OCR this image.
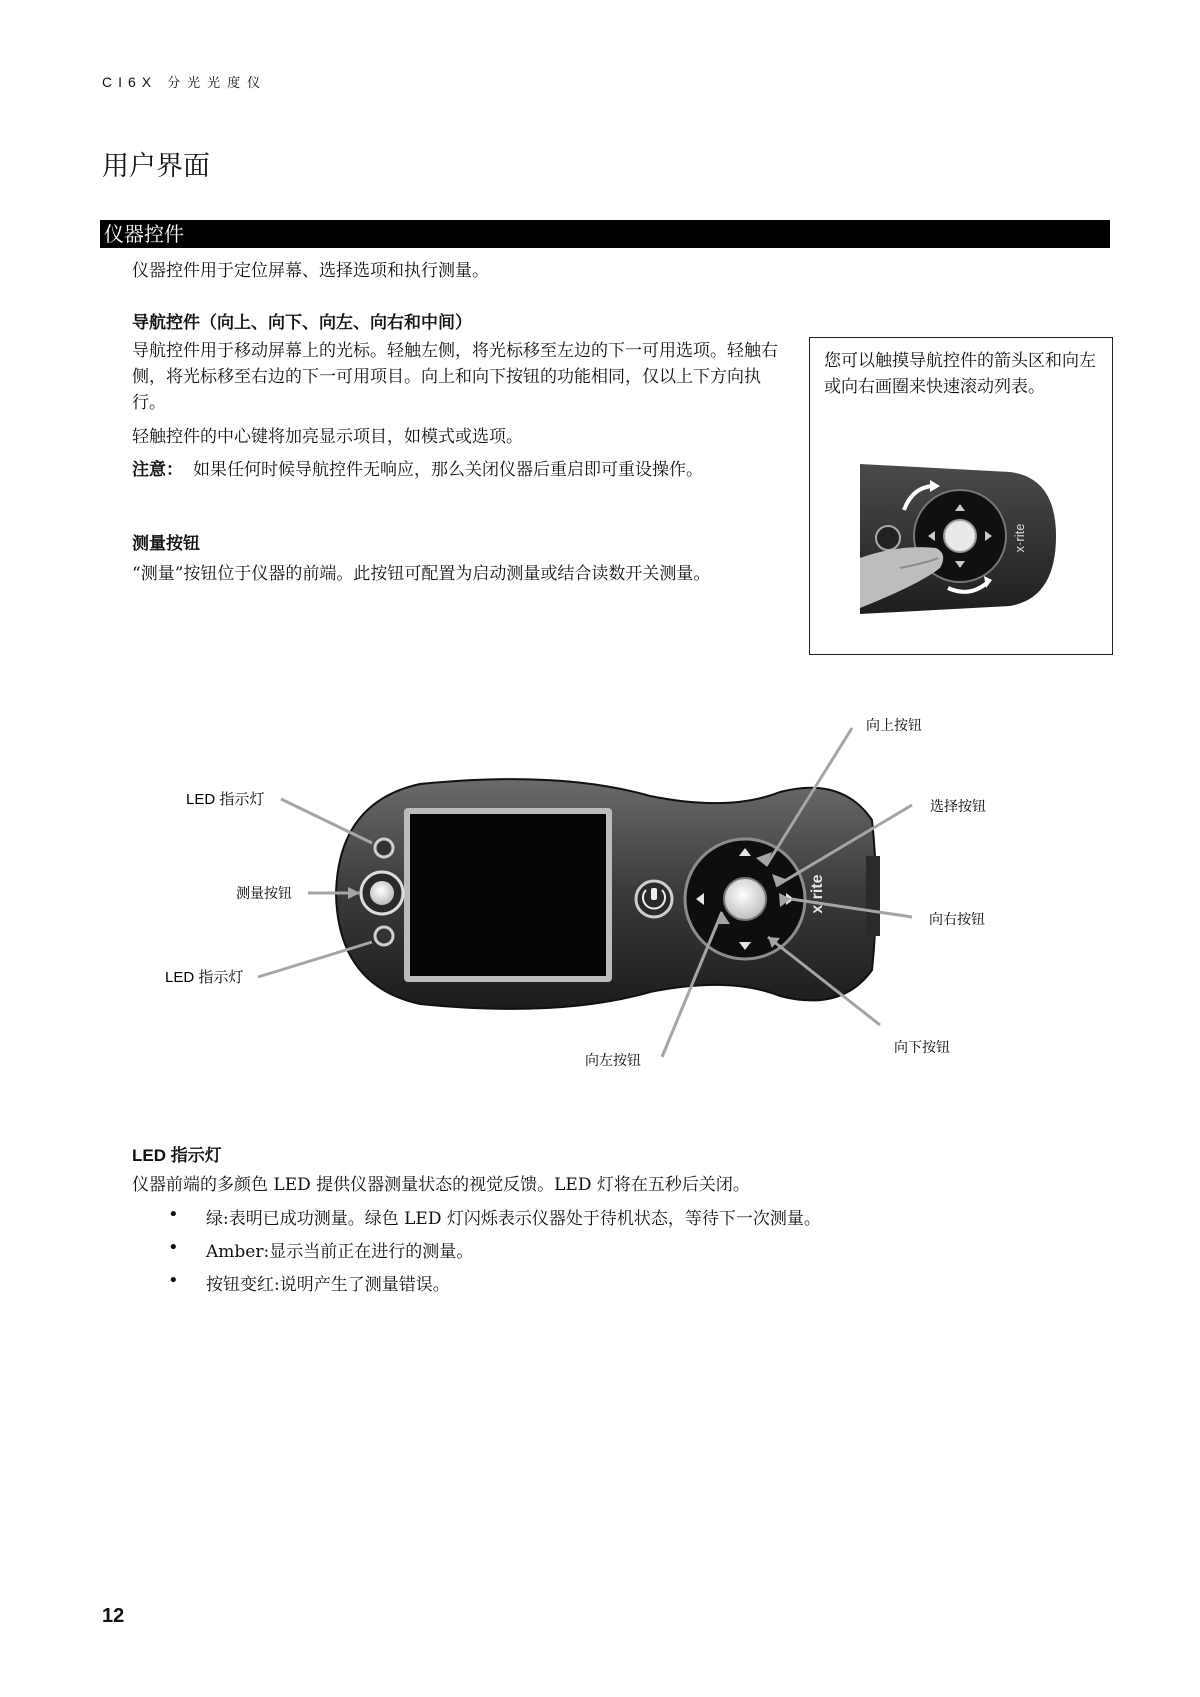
CI6X 分光光度仪
用户界面
仪器控件
仪器控件用于定位屏幕、选择选项和执行测量。
导航控件（向上、向下、向左、向右和中间）
导航控件用于移动屏幕上的光标。轻触左侧，将光标移至左边的下一可用选项。轻触右侧，将光标移至右边的下一可用项目。向上和向下按钮的功能相同，仅以上下方向执行。
轻触控件的中心键将加亮显示项目，如模式或选项。
注意： 如果任何时候导航控件无响应，那么关闭仪器后重启即可重设操作。
测量按钮
“测量”按钮位于仪器的前端。此按钮可配置为启动测量或结合读数开关测量。
您可以触摸导航控件的箭头区和向左或向右画圈来快速滚动列表。
x·rite
x·rite
LED 指示灯
测量按钮
LED 指示灯
向上按钮
选择按钮
向右按钮
向下按钮
向左按钮
LED 指示灯
仪器前端的多颜色 LED 提供仪器测量状态的视觉反馈。LED 灯将在五秒后关闭。
• 绿:表明已成功测量。绿色 LED 灯闪烁表示仪器处于待机状态，等待下一次测量。
• Amber:显示当前正在进行的测量。
• 按钮变红:说明产生了测量错误。
12
